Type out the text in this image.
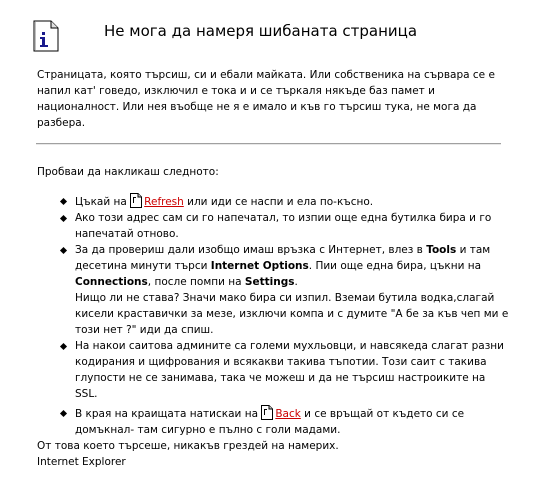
Не мога да намеря шибаната страница

Страницата, която търсиш, си и ебали майката. Или собственика на сървара се е напил кат' говедо, изключил е тока и и се търкаля някъде баз памет и националност. Или нея въобще не я е имало и къв го търсиш тука, не мога да разбера.

Пробваи да накликаш следното:

Цъкай на Refresh или иди се наспи и ела по-късно.
Ако този адрес сам си го напечатал, то изпии още една бутилка бира и го напечатай отново.
За да провериш дали изобщо имаш връзка с Интернет, влез в Tools и там десетина минути търси Internet Options. Пии още една бира, цъкни на Connections, после помпи на Settings.
Нищо ли не става? Значи мако бира си изпил. Вземаи бутила водка,слагай кисели краставички за мезе, изключи компа и с думите "А бе за къв чеп ми е този нет ?" иди да спиш.
На накои саитова админите са големи мухльовци, и навсякеда слагат разни кодирания и щифрования и всякакви такива тъпотии. Този саит с такива глупости не се занимава, така че можеш и да не търсиш настроиките на SSL.
В края на краищата натискаи на Back и се връщай от където си се домъкнал- там сигурно е пълно с голи мадами.

От това което търсеше, никакъв грездей на намерих.

Internet Explorer
